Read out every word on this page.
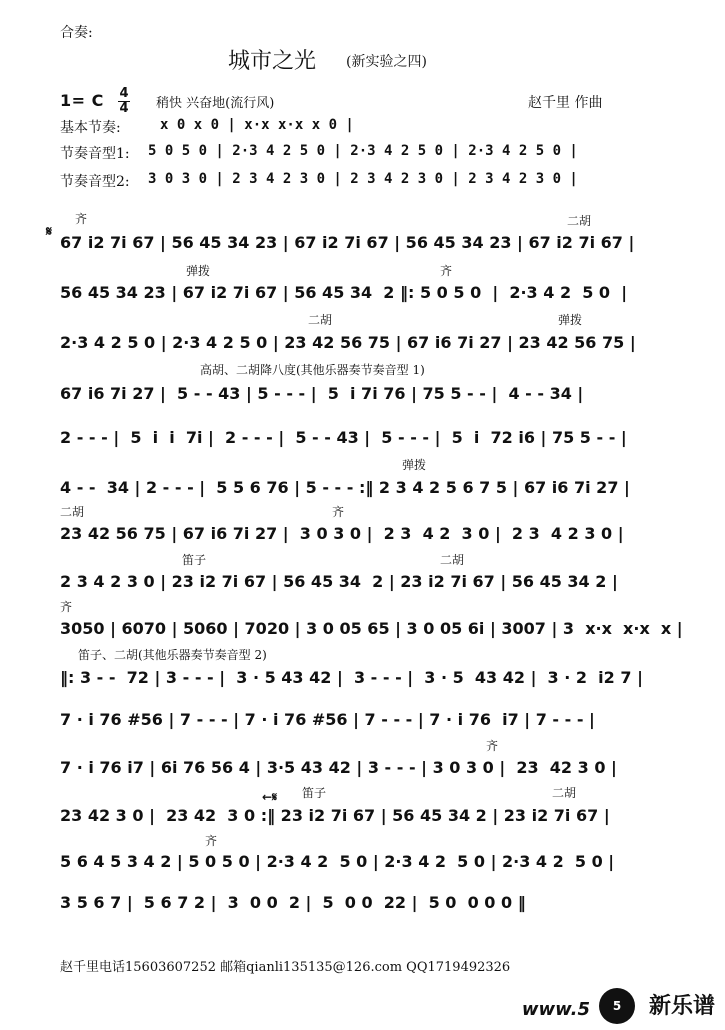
合奏:
城市之光 (新实验之四)
1= C 4
4 稍快 兴奋地(流行风)	赵千里 作曲
基本节奏:	x 0 x 0 | x·x x·x x 0 |
节奏音型1: 5 0 5 0 | 2·3 4 2 5 0 | 2·3 4 2 5 0 | 2·3 4 2 5 0 |
节奏音型2: 3 0 3 0 | 2 3 4 2 3 0 | 2 3 4 2 3 0 | 2 3 4 2 3 0 |
齐	二胡
𝄋
67 i2 7i 67 | 56 45 34 23 | 67 i2 7i 67 | 56 45 34 23 | 67 i2 7i 67 |
弹拨	齐
56 45 34 23 | 67 i2 7i 67 | 56 45 34  2 ‖: 5 0 5 0  |  2·3 4 2  5 0  |
二胡	弹拨
2·3 4 2 5 0 | 2·3 4 2 5 0 | 23 42 56 75 | 67 i6 7i 27 | 23 42 56 75 |
高胡、二胡降八度(其他乐器奏节奏音型 1)
67 i6 7i 27 |  5 - - 43 | 5 - - - |  5  i 7i 76 | 75 5 - - |  4 - - 34 |
2 - - - |  5  i  i  7i |  2 - - - |  5 - - 43 |  5 - - - |  5  i  72 i6 | 75 5 - - |
弹拨
4 - -  34 | 2 - - - |  5 5 6 76 | 5 - - - :‖ 2 3 4 2 5 6 7 5 | 67 i6 7i 27 |
二胡	齐
23 42 56 75 | 67 i6 7i 27 |  3 0 3 0 |  2 3  4 2  3 0 |  2 3  4 2 3 0 |
笛子	二胡
2 3 4 2 3 0 | 23 i2 7i 67 | 56 45 34  2 | 23 i2 7i 67 | 56 45 34 2 |
齐
3050 | 6070 | 5060 | 7020 | 3 0 05 65 | 3 0 05 6i | 3007 | 3  x·x  x·x  x |
笛子、二胡(其他乐器奏节奏音型 2)
‖: 3 - -  72 | 3 - - - |  3 · 5 43 42 |  3 - - - |  3 · 5  43 42 |  3 · 2  i2 7 |
7 · i 76 #56 | 7 - - - | 7 · i 76 #56 | 7 - - - | 7 · i 76  i7 | 7 - - - |
齐
7 · i 76 i7 | 6i 76 56 4 | 3·5 43 42 | 3 - - - | 3 0 3 0 |  23  42 3 0 |
←𝄋 笛子	二胡
23 42 3 0 |  23 42  3 0 :‖ 23 i2 7i 67 | 56 45 34 2 | 23 i2 7i 67 |
齐
5 6 4 5 3 4 2 | 5 0 5 0 | 2·3 4 2  5 0 | 2·3 4 2  5 0 | 2·3 4 2  5 0 |
3 5 6 7 |  5 6 7 2 |  3  0 0  2 |  5  0 0  22 |  5 0  0 0 0 ‖
赵千里电话15603607252 邮箱qianli135135@126.com QQ1719492326
www.5	5	新乐谱
